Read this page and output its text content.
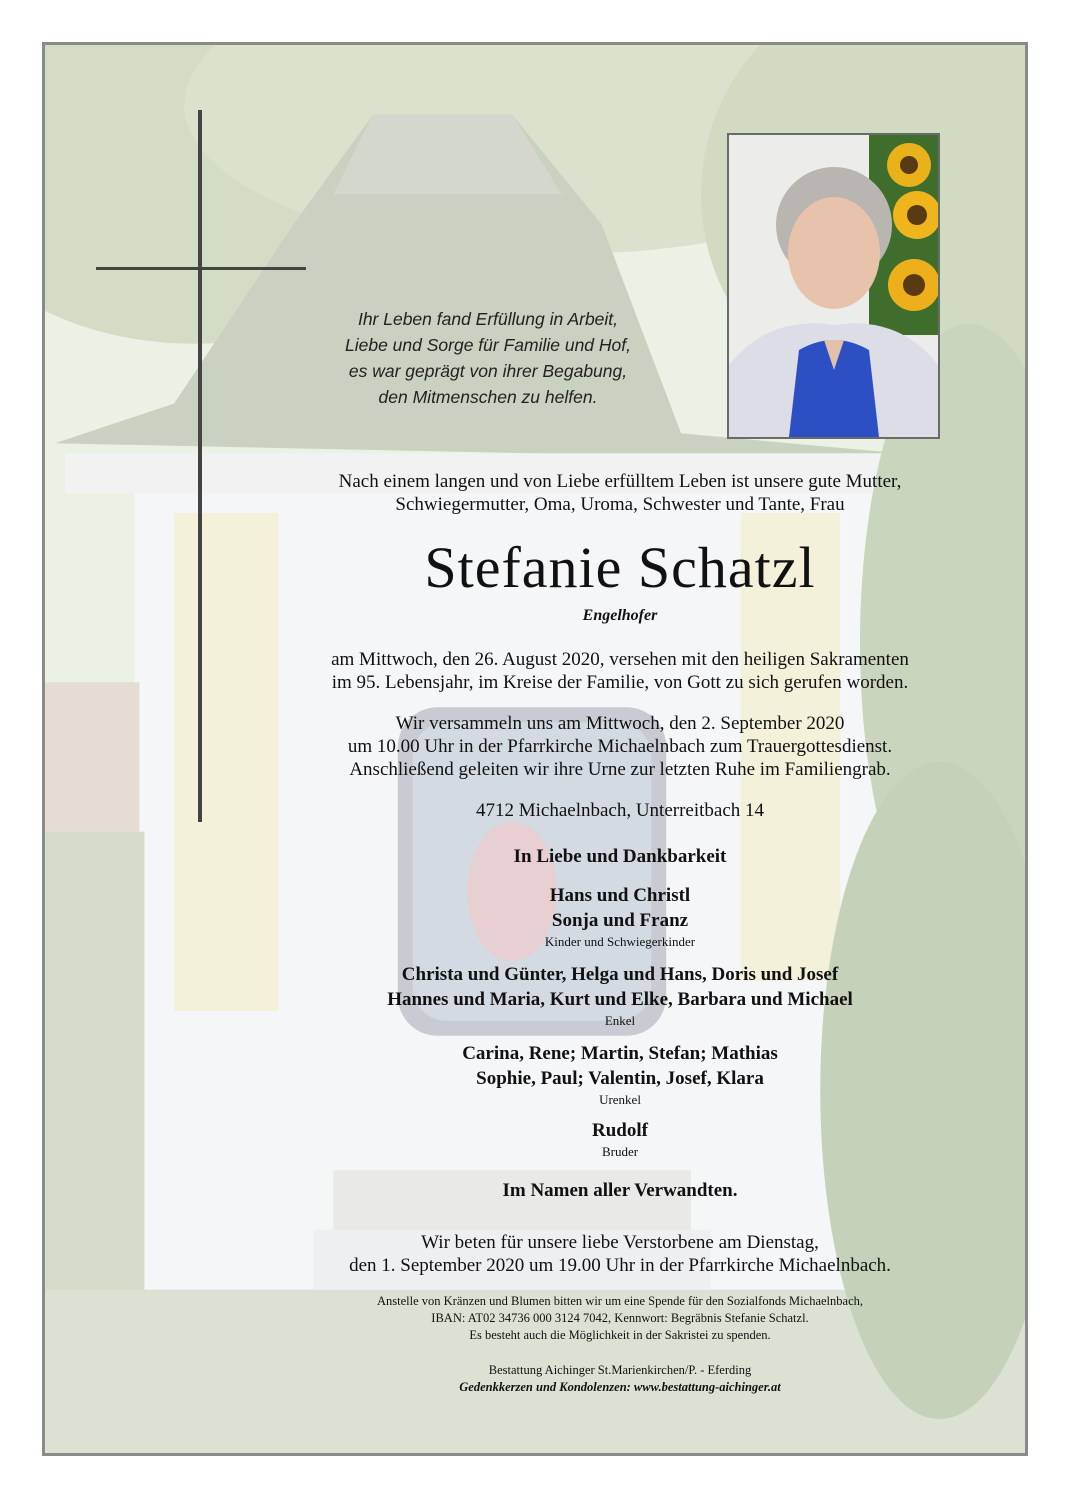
Ihr Leben fand Erfüllung in Arbeit,
Liebe und Sorge für Familie und Hof,
es war geprägt von ihrer Begabung,
den Mitmenschen zu helfen.
Nach einem langen und von Liebe erfülltem Leben ist unsere gute Mutter,
Schwiegermutter, Oma, Uroma, Schwester und Tante, Frau
Stefanie Schatzl
Engelhofer
am Mittwoch, den 26. August 2020, versehen mit den heiligen Sakramenten
im 95. Lebensjahr, im Kreise der Familie, von Gott zu sich gerufen worden.
Wir versammeln uns am Mittwoch, den 2. September 2020
um 10.00 Uhr in der Pfarrkirche Michaelnbach zum Trauergottesdienst.
Anschließend geleiten wir ihre Urne zur letzten Ruhe im Familiengrab.
4712 Michaelnbach, Unterreitbach 14
In Liebe und Dankbarkeit
Hans und Christl
Sonja und Franz
Kinder und Schwiegerkinder
Christa und Günter, Helga und Hans, Doris und Josef
Hannes und Maria, Kurt und Elke, Barbara und Michael
Enkel
Carina, Rene; Martin, Stefan; Mathias
Sophie, Paul; Valentin, Josef, Klara
Urenkel
Rudolf
Bruder
Im Namen aller Verwandten.
Wir beten für unsere liebe Verstorbene am Dienstag,
den 1. September 2020 um 19.00 Uhr in der Pfarrkirche Michaelnbach.
Anstelle von Kränzen und Blumen bitten wir um eine Spende für den Sozialfonds Michaelnbach,
IBAN: AT02 34736 000 3124 7042, Kennwort: Begräbnis Stefanie Schatzl.
Es besteht auch die Möglichkeit in der Sakristei zu spenden.
Bestattung Aichinger St.Marienkirchen/P. - Eferding
Gedenkkerzen und Kondolenzen: www.bestattung-aichinger.at
